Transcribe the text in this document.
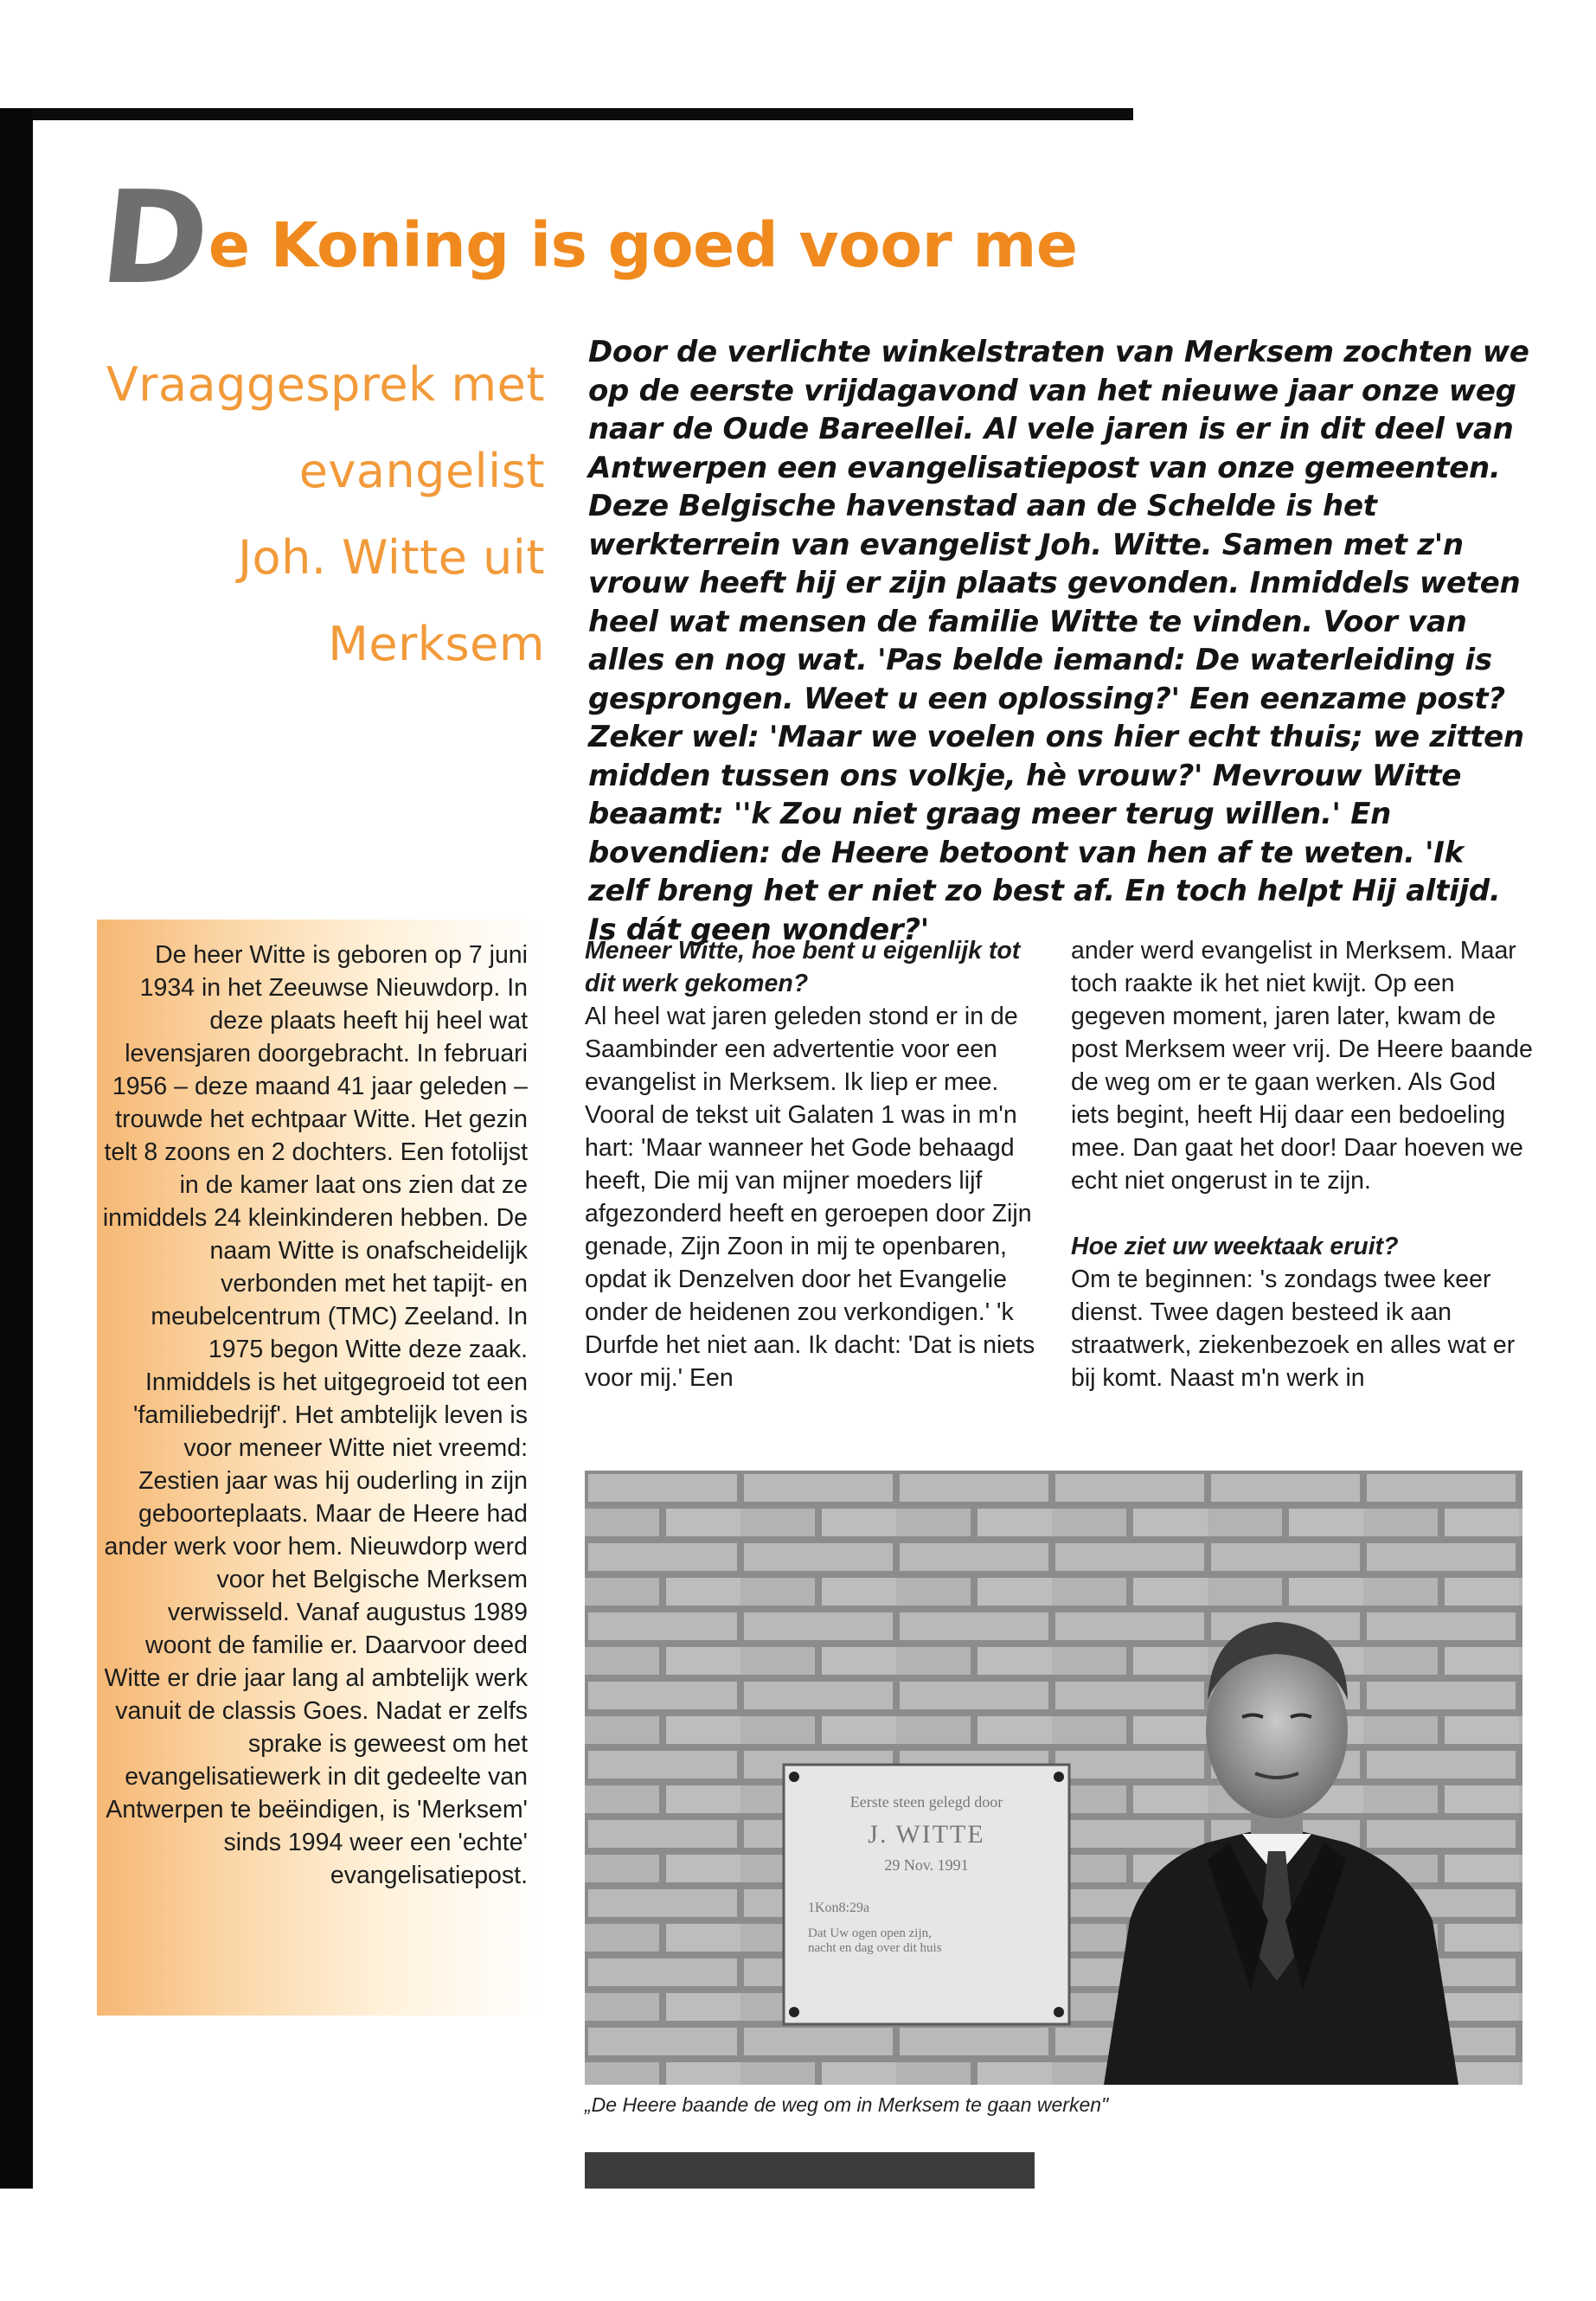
De Koning is goed voor me
Vraaggesprek met
evangelist
Joh. Witte uit
Merksem
Door de verlichte winkelstraten van Merksem zochten we op de eerste vrijdagavond van het nieuwe jaar onze weg naar de Oude Bareellei. Al vele jaren is er in dit deel van Antwerpen een evangelisatiepost van onze gemeenten. Deze Belgische havenstad aan de Schelde is het werkterrein van evangelist Joh. Witte. Samen met z'n vrouw heeft hij er zijn plaats gevonden. Inmiddels weten heel wat mensen de familie Witte te vinden. Voor van alles en nog wat. 'Pas belde iemand: De waterleiding is gesprongen. Weet u een oplossing?' Een eenzame post? Zeker wel: 'Maar we voelen ons hier echt thuis; we zitten midden tussen ons volkje, hè vrouw?' Mevrouw Witte beaamt: ''k Zou niet graag meer terug willen.' En bovendien: de Heere betoont van hen af te weten. 'Ik zelf breng het er niet zo best af. En toch helpt Hij altijd. Is dát geen wonder?'
De heer Witte is geboren op 7 juni 1934 in het Zeeuwse Nieuwdorp. In deze plaats heeft hij heel wat levensjaren doorgebracht. In februari 1956 – deze maand 41 jaar geleden – trouwde het echtpaar Witte. Het gezin telt 8 zoons en 2 dochters. Een fotolijst in de kamer laat ons zien dat ze inmiddels 24 kleinkinderen hebben. De naam Witte is onafscheidelijk verbonden met het tapijt- en meubelcentrum (TMC) Zeeland. In 1975 begon Witte deze zaak. Inmiddels is het uitgegroeid tot een 'familiebedrijf'. Het ambtelijk leven is voor meneer Witte niet vreemd: Zestien jaar was hij ouderling in zijn geboorteplaats. Maar de Heere had ander werk voor hem. Nieuwdorp werd voor het Belgische Merksem verwisseld. Vanaf augustus 1989 woont de familie er. Daarvoor deed Witte er drie jaar lang al ambtelijk werk vanuit de classis Goes. Nadat er zelfs sprake is geweest om het evangelisatiewerk in dit gedeelte van Antwerpen te beëindigen, is 'Merksem' sinds 1994 weer een 'echte' evangelisatiepost.
Meneer Witte, hoe bent u eigenlijk tot dit werk gekomen?
Al heel wat jaren geleden stond er in de Saambinder een advertentie voor een evangelist in Merksem. Ik liep er mee. Vooral de tekst uit Galaten 1 was in m'n hart: 'Maar wanneer het Gode behaagd heeft, Die mij van mijner moeders lijf afgezonderd heeft en geroepen door Zijn genade, Zijn Zoon in mij te openbaren, opdat ik Denzelven door het Evangelie onder de heidenen zou verkondigen.' 'k Durfde het niet aan. Ik dacht: 'Dat is niets voor mij.' Een
ander werd evangelist in Merksem. Maar toch raakte ik het niet kwijt. Op een gegeven moment, jaren later, kwam de post Merksem weer vrij. De Heere baande de weg om er te gaan werken. Als God iets begint, heeft Hij daar een bedoeling mee. Dan gaat het door! Daar hoeven we echt niet ongerust in te zijn.
Hoe ziet uw weektaak eruit?
Om te beginnen: 's zondags twee keer dienst. Twee dagen besteed ik aan straatwerk, ziekenbezoek en alles wat er bij komt. Naast m'n werk in
Eerste steen gelegd door
J. WITTE
29 Nov. 1991
1Kon8:29a
Dat Uw ogen open zijn,
nacht en dag over dit huis
„De Heere baande de weg om in Merksem te gaan werken"
